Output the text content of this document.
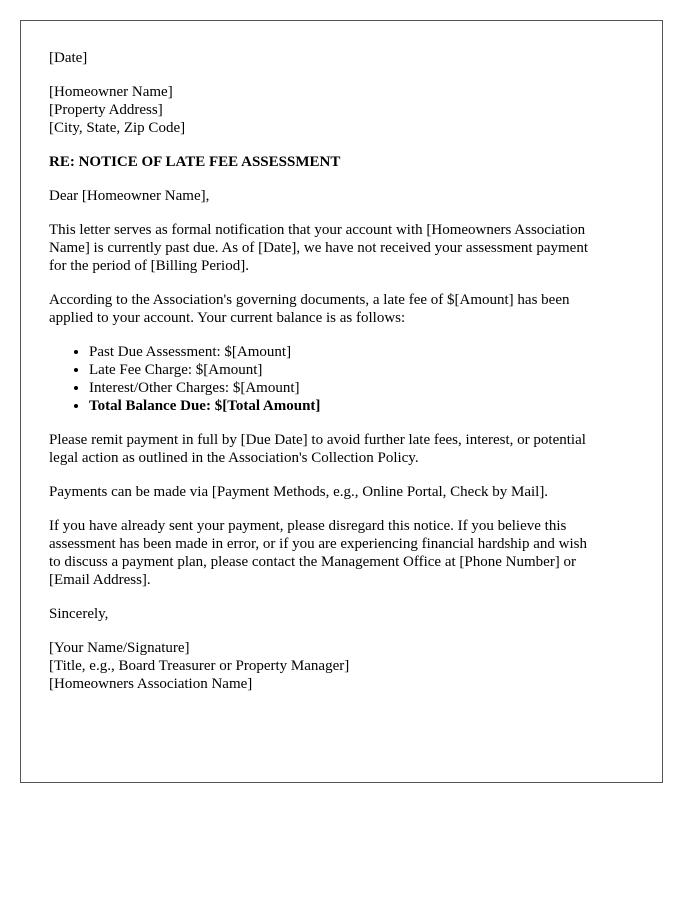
[Date]

[Homeowner Name]
[Property Address]
[City, State, Zip Code]

RE: NOTICE OF LATE FEE ASSESSMENT

Dear [Homeowner Name],

This letter serves as formal notification that your account with [Homeowners Association
Name] is currently past due. As of [Date], we have not received your assessment payment
for the period of [Billing Period].

According to the Association's governing documents, a late fee of $[Amount] has been
applied to your account. Your current balance is as follows:

• Past Due Assessment: $[Amount]
• Late Fee Charge: $[Amount]
• Interest/Other Charges: $[Amount]
• Total Balance Due: $[Total Amount]

Please remit payment in full by [Due Date] to avoid further late fees, interest, or potential
legal action as outlined in the Association's Collection Policy.

Payments can be made via [Payment Methods, e.g., Online Portal, Check by Mail].

If you have already sent your payment, please disregard this notice. If you believe this
assessment has been made in error, or if you are experiencing financial hardship and wish
to discuss a payment plan, please contact the Management Office at [Phone Number] or
[Email Address].

Sincerely,

[Your Name/Signature]
[Title, e.g., Board Treasurer or Property Manager]
[Homeowners Association Name]
